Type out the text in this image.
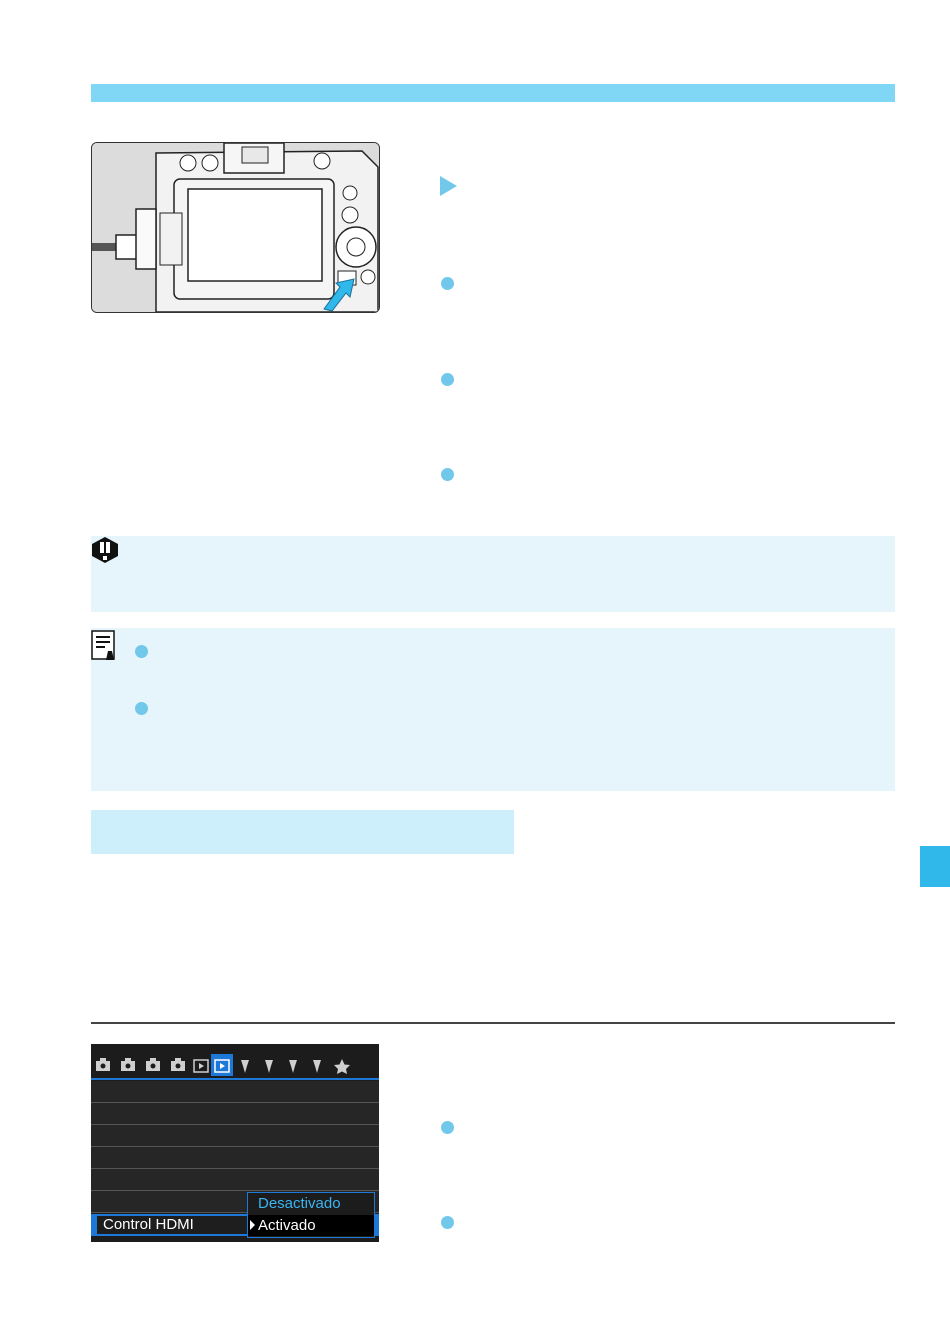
Control HDMI
Desactivado
Activado
